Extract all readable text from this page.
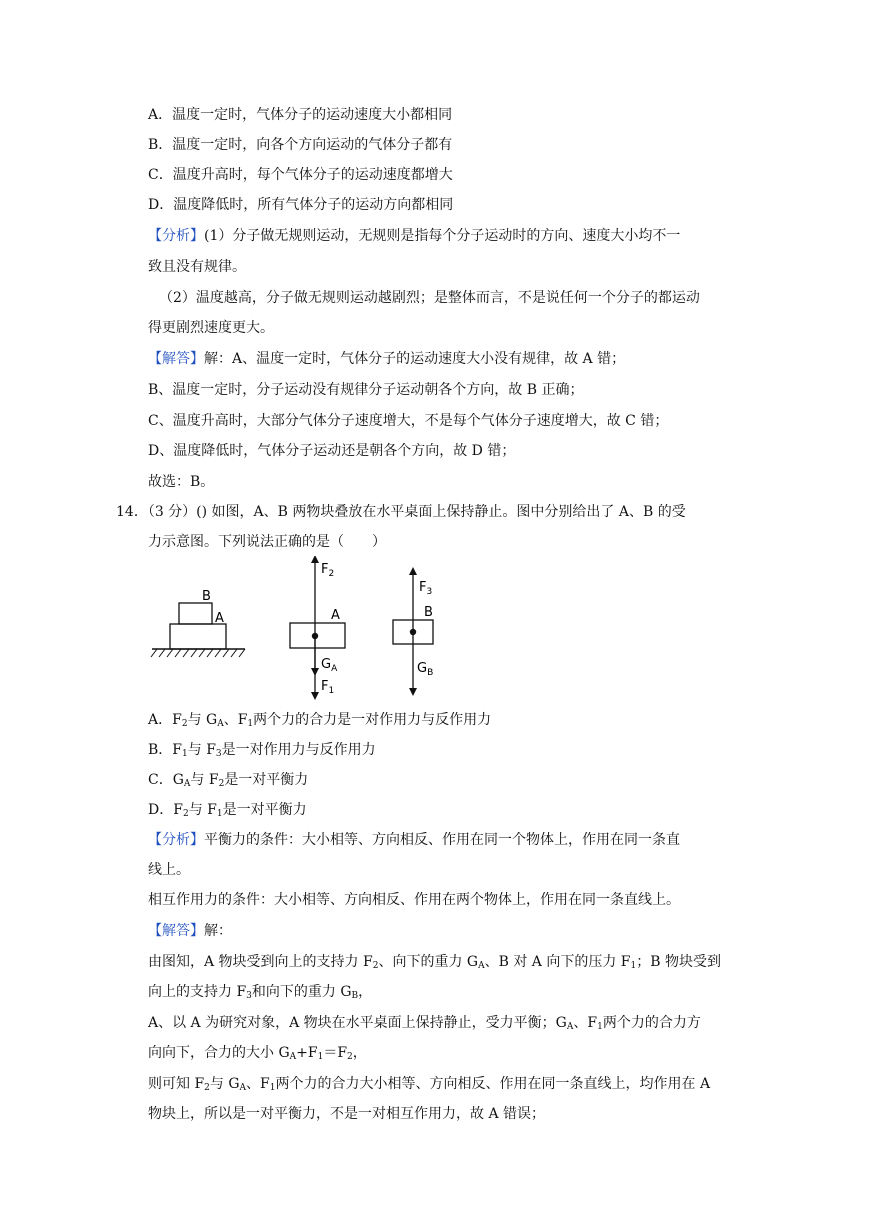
A．温度一定时，气体分子的运动速度大小都相同
B．温度一定时，向各个方向运动的气体分子都有
C．温度升高时，每个气体分子的运动速度都增大
D．温度降低时，所有气体分子的运动方向都相同
【分析】(1）分子做无规则运动，无规则是指每个分子运动时的方向、速度大小均不一
致且没有规律。
（2）温度越高，分子做无规则运动越剧烈；是整体而言，不是说任何一个分子的都运动
得更剧烈速度更大。
【解答】解：A、温度一定时，气体分子的运动速度大小没有规律，故 A 错；
B、温度一定时，分子运动没有规律分子运动朝各个方向，故 B 正确；
C、温度升高时，大部分气体分子速度增大，不是每个气体分子速度增大，故 C 错；
D、温度降低时，气体分子运动还是朝各个方向，故 D 错；
故选：B。
14．（3 分）() 如图，A、B 两物块叠放在水平桌面上保持静止。图中分别给出了 A、B 的受
力示意图。下列说法正确的是（　　）
B
A
$F_2$
A
$G_A$
$F_1$
$F_3$
B
$G_B$
A．$F_2$与 $G_A$、$F_1$两个力的合力是一对作用力与反作用力
B．$F_1$与 $F_3$是一对作用力与反作用力
C．$G_A$与 $F_2$是一对平衡力
D．$F_2$与 $F_1$是一对平衡力
【分析】平衡力的条件：大小相等、方向相反、作用在同一个物体上，作用在同一条直
线上。
相互作用力的条件：大小相等、方向相反、作用在两个物体上，作用在同一条直线上。
【解答】解：
由图知，A 物块受到向上的支持力 $F_2$、向下的重力 $G_A$、B 对 A 向下的压力 $F_1$；B 物块受到
向上的支持力 $F_3$和向下的重力 $G_B$，
A、以 A 为研究对象，A 物块在水平桌面上保持静止，受力平衡；$G_A$、$F_1$两个力的合力方
向向下，合力的大小 $G_A+F_1=F_2$，
则可知 $F_2$与 $G_A$、$F_1$两个力的合力大小相等、方向相反、作用在同一条直线上，均作用在 A
物块上，所以是一对平衡力，不是一对相互作用力，故 A 错误；
